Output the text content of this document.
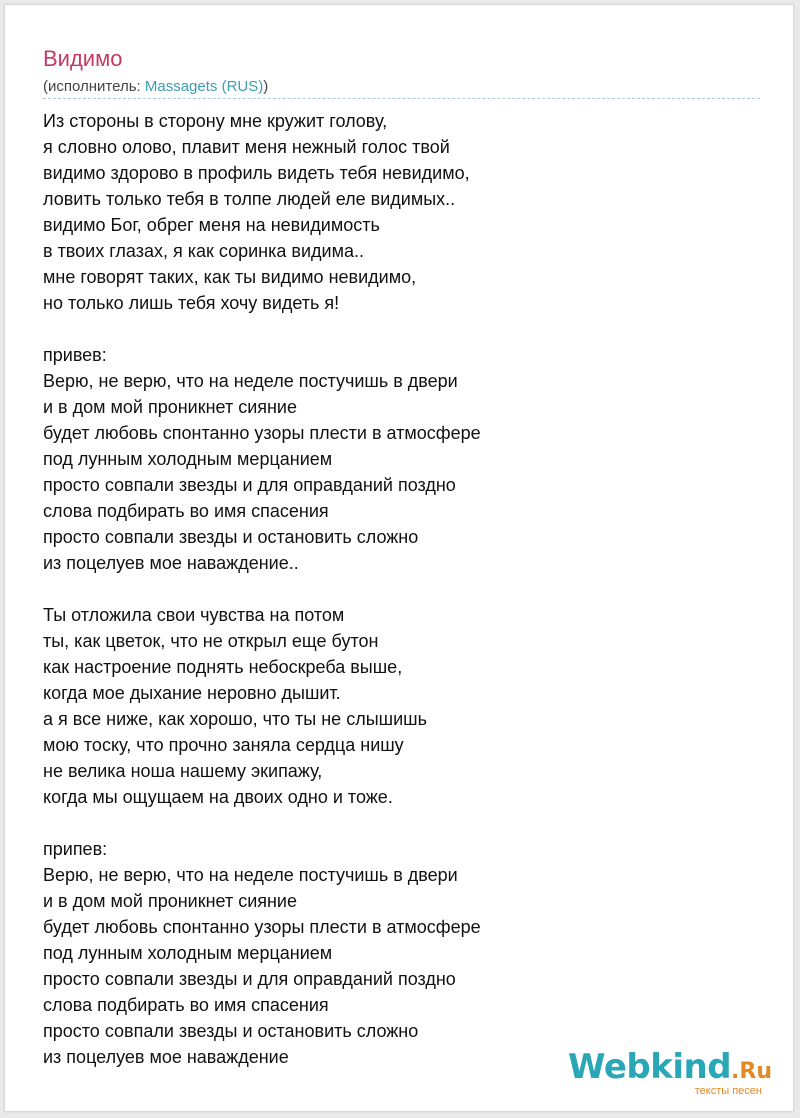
Видимо
(исполнитель: Massagets (RUS))
Из стороны в сторону мне кружит голову,
я словно олово, плавит меня нежный голос твой
видимо здорово в профиль видеть тебя невидимо,
ловить только тебя в толпе людей еле видимых..
видимо Бог, обрег меня на невидимость
в твоих глазах, я как соринка видима..
мне говорят таких, как ты видимо невидимо,
но только лишь тебя хочу видеть я!
привев:
Верю, не верю, что на неделе постучишь в двери
и в дом мой проникнет сияние
будет любовь спонтанно узоры плести в атмосфере
под лунным холодным мерцанием
просто совпали звезды и для оправданий поздно
слова подбирать во имя спасения
просто совпали звезды и остановить сложно
из поцелуев мое наваждение..
Ты отложила свои чувства на потом
ты, как цветок, что не открыл еще бутон
как настроение поднять небоскреба выше,
когда мое дыхание неровно дышит.
а я все ниже, как хорошо, что ты не слышишь
мою тоску, что прочно заняла сердца нишу
не велика ноша нашему экипажу,
когда мы ощущаем на двоих одно и тоже.
припев:
Верю, не верю, что на неделе постучишь в двери
и в дом мой проникнет сияние
будет любовь спонтанно узоры плести в атмосфере
под лунным холодным мерцанием
просто совпали звезды и для оправданий поздно
слова подбирать во имя спасения
просто совпали звезды и остановить сложно
из поцелуев мое наваждение	Webkind.Ru
тексты песен
